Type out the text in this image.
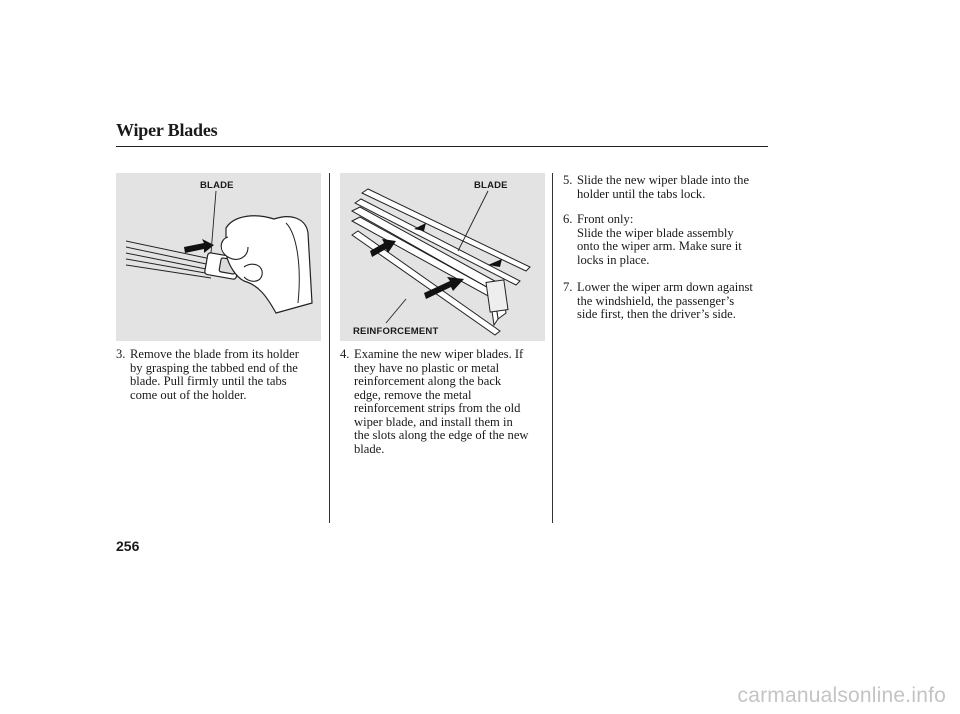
Wiper Blades
BLADE	BLADE
REINFORCEMENT
3. Remove the blade from its holder
by grasping the tabbed end of the
blade. Pull firmly until the tabs
come out of the holder.
4. Examine the new wiper blades. If
they have no plastic or metal
reinforcement along the back
edge, remove the metal
reinforcement strips from the old
wiper blade, and install them in
the slots along the edge of the new
blade.
5. Slide the new wiper blade into the
holder until the tabs lock.
6. Front only:
Slide the wiper blade assembly
onto the wiper arm. Make sure it
locks in place.
7. Lower the wiper arm down against
the windshield, the passenger’s
side first, then the driver’s side.
256
carmanualsonline.info
